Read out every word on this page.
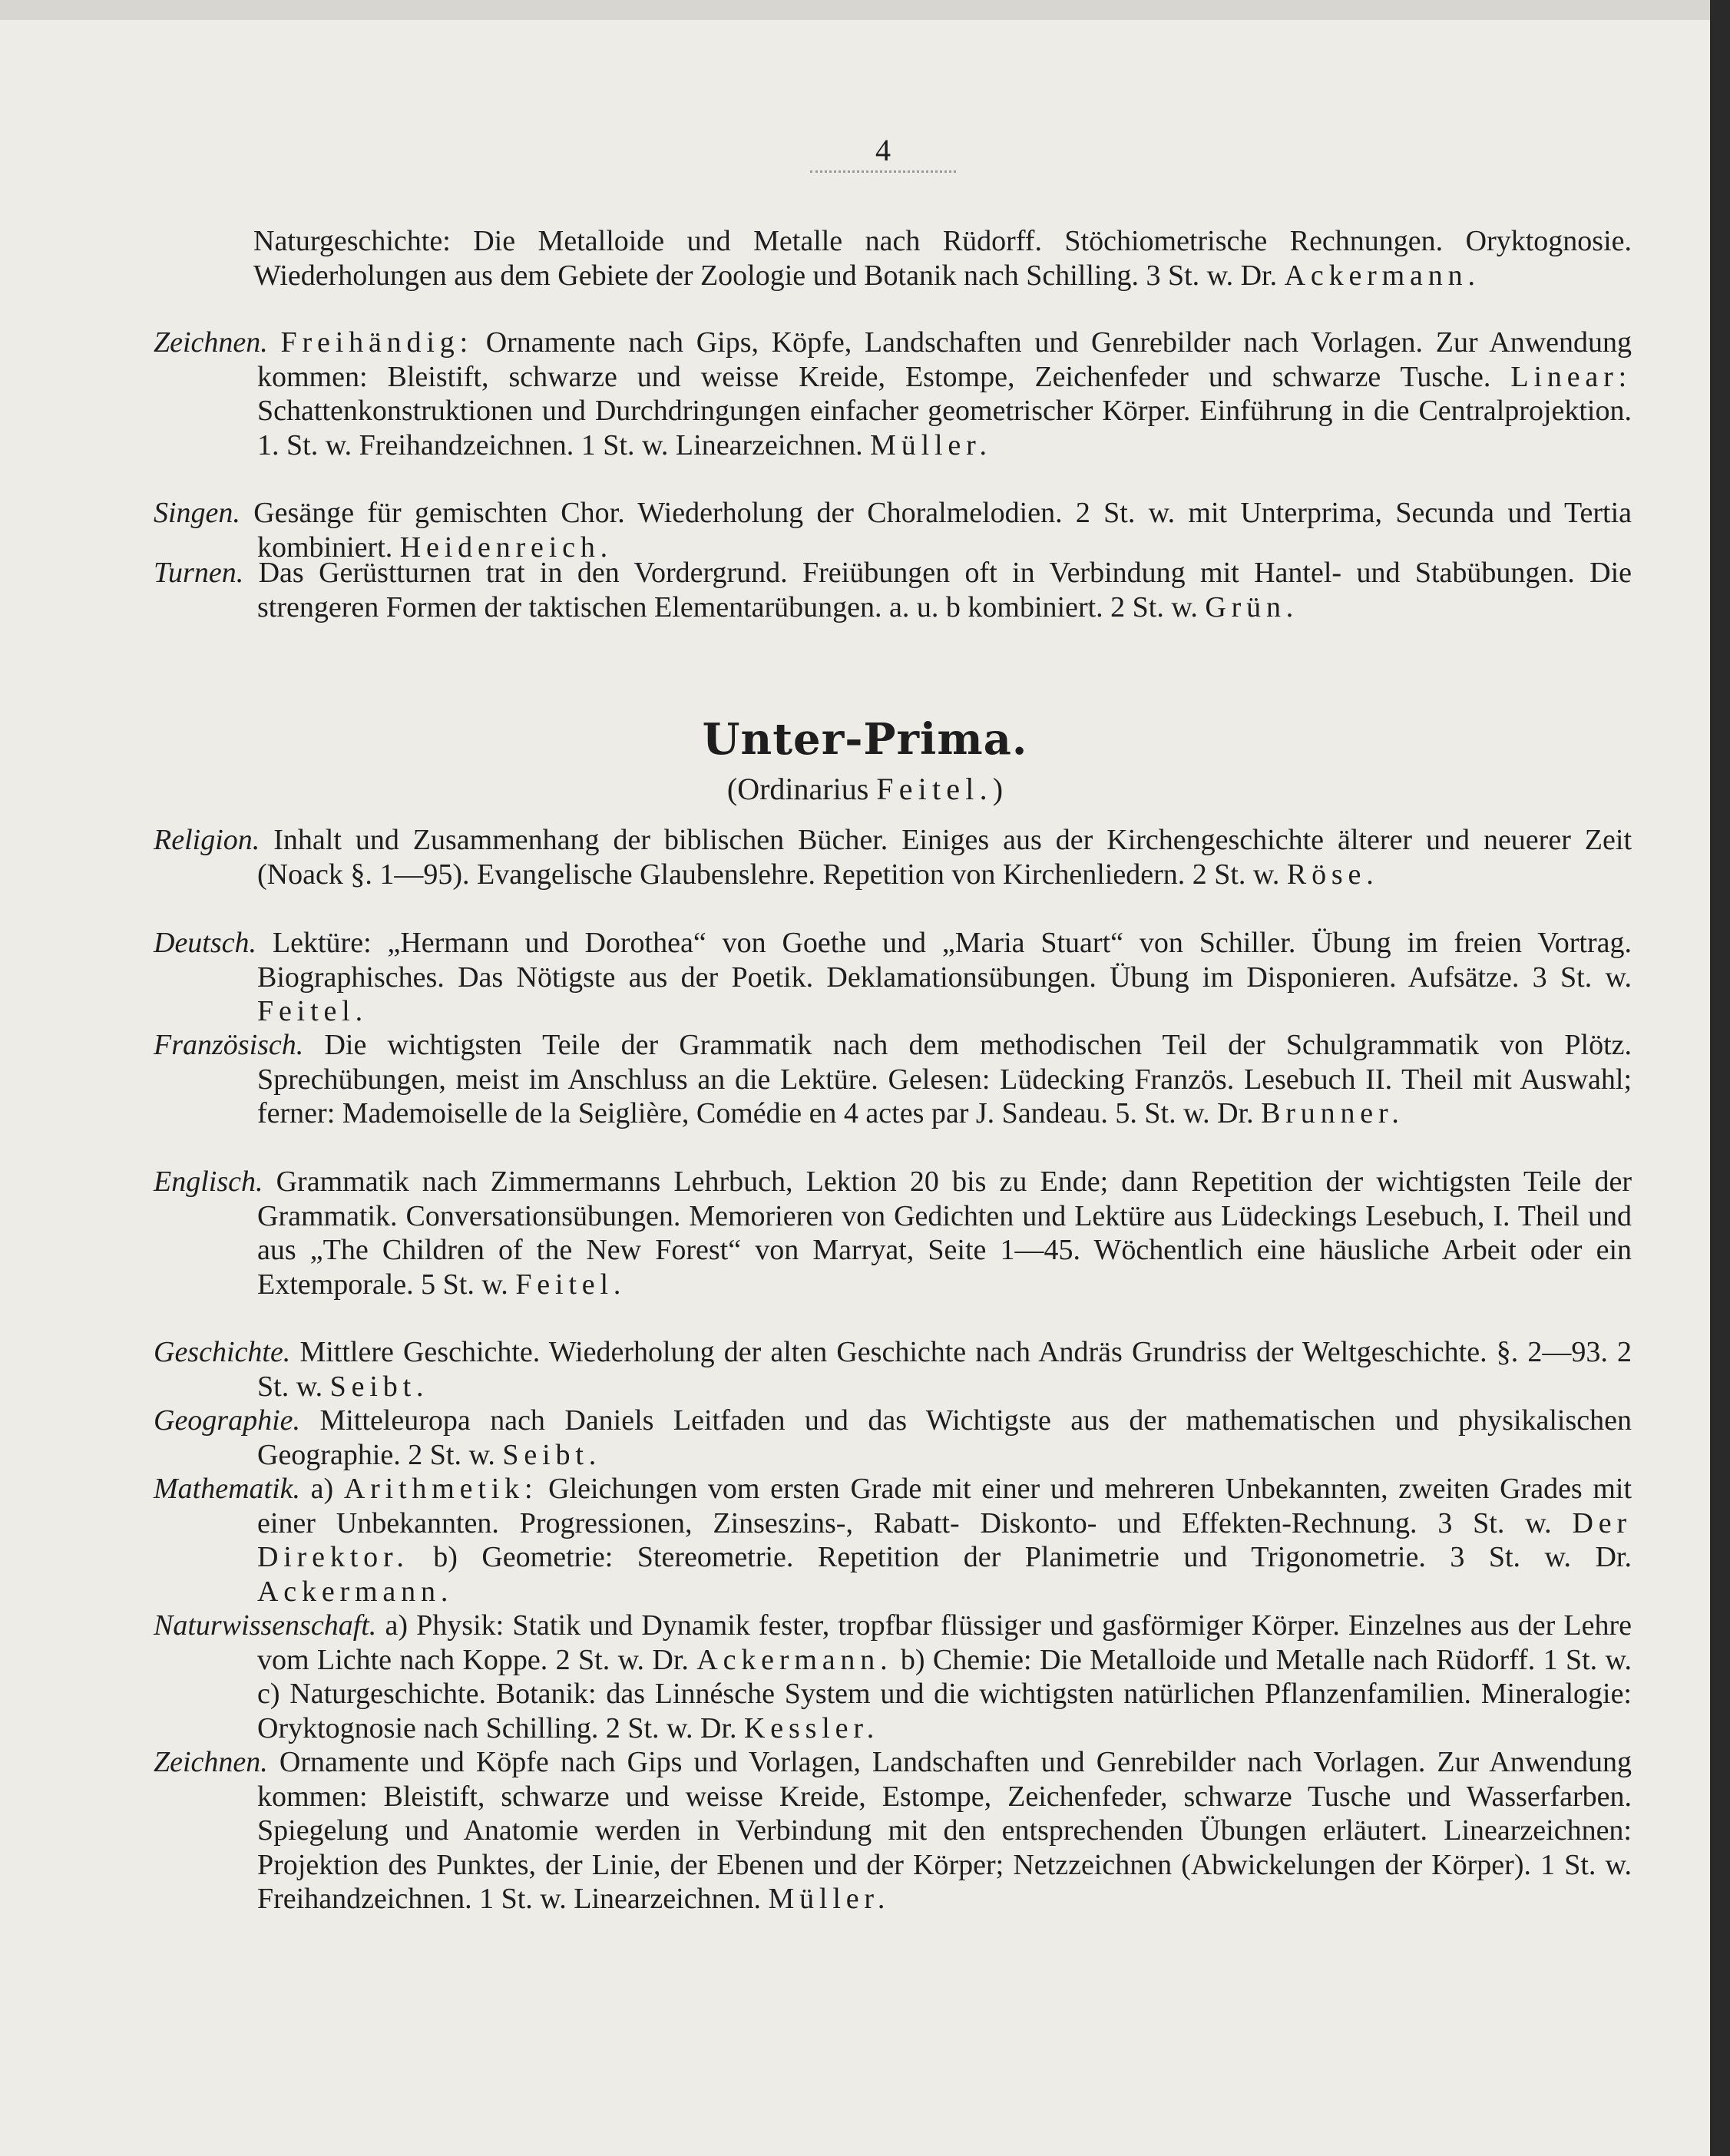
4

Naturgeschichte: Die Metalloide und Metalle nach Rüdorff. Stöchiometrische Rechnungen. Oryktognosie. Wiederholungen aus dem Gebiete der Zoologie und Botanik nach Schilling. 3 St. w. Dr. Ackermann.

Zeichnen. Freihändig: Ornamente nach Gips, Köpfe, Landschaften und Genrebilder nach Vorlagen. Zur Anwendung kommen: Bleistift, schwarze und weisse Kreide, Estompe, Zeichenfeder und schwarze Tusche. Linear: Schattenkonstruktionen und Durchdringungen einfacher geometrischer Körper. Einführung in die Centralprojektion. 1. St. w. Freihandzeichnen. 1 St. w. Linearzeichnen. Müller.

Singen. Gesänge für gemischten Chor. Wiederholung der Choralmelodien. 2 St. w. mit Unterprima, Secunda und Tertia kombiniert. Heidenreich.

Turnen. Das Gerüstturnen trat in den Vordergrund. Freiübungen oft in Verbindung mit Hantel- und Stabübungen. Die strengeren Formen der taktischen Elementarübungen. a. u. b kombiniert. 2 St. w. Grün.

Unter-Prima.
(Ordinarius Feitel.)

Religion. Inhalt und Zusammenhang der biblischen Bücher. Einiges aus der Kirchengeschichte älterer und neuerer Zeit (Noack §. 1—95). Evangelische Glaubenslehre. Repetition von Kirchenliedern. 2 St. w. Röse.

Deutsch. Lektüre: „Hermann und Dorothea“ von Goethe und „Maria Stuart“ von Schiller. Übung im freien Vortrag. Biographisches. Das Nötigste aus der Poetik. Deklamationsübungen. Übung im Disponieren. Aufsätze. 3 St. w. Feitel.

Französisch. Die wichtigsten Teile der Grammatik nach dem methodischen Teil der Schulgrammatik von Plötz. Sprechübungen, meist im Anschluss an die Lektüre. Gelesen: Lüdecking Französ. Lesebuch II. Theil mit Auswahl; ferner: Mademoiselle de la Seiglière, Comédie en 4 actes par J. Sandeau. 5. St. w. Dr. Brunner.

Englisch. Grammatik nach Zimmermanns Lehrbuch, Lektion 20 bis zu Ende; dann Repetition der wichtigsten Teile der Grammatik. Conversationsübungen. Memorieren von Gedichten und Lektüre aus Lüdeckings Lesebuch, I. Theil und aus „The Children of the New Forest“ von Marryat, Seite 1—45. Wöchentlich eine häusliche Arbeit oder ein Extemporale. 5 St. w. Feitel.

Geschichte. Mittlere Geschichte. Wiederholung der alten Geschichte nach Andräs Grundriss der Weltgeschichte. §. 2—93. 2 St. w. Seibt.

Geographie. Mitteleuropa nach Daniels Leitfaden und das Wichtigste aus der mathematischen und physikalischen Geographie. 2 St. w. Seibt.

Mathematik. a) Arithmetik: Gleichungen vom ersten Grade mit einer und mehreren Unbekannten, zweiten Grades mit einer Unbekannten. Progressionen, Zinseszins-, Rabatt- Diskonto- und Effekten-Rechnung. 3 St. w. Der Direktor. b) Geometrie: Stereometrie. Repetition der Planimetrie und Trigonometrie. 3 St. w. Dr. Ackermann.

Naturwissenschaft. a) Physik: Statik und Dynamik fester, tropfbar flüssiger und gasförmiger Körper. Einzelnes aus der Lehre vom Lichte nach Koppe. 2 St. w. Dr. Ackermann. b) Chemie: Die Metalloide und Metalle nach Rüdorff. 1 St. w. c) Naturgeschichte. Botanik: das Linnésche System und die wichtigsten natürlichen Pflanzenfamilien. Mineralogie: Oryktognosie nach Schilling. 2 St. w. Dr. Kessler.

Zeichnen. Ornamente und Köpfe nach Gips und Vorlagen, Landschaften und Genrebilder nach Vorlagen. Zur Anwendung kommen: Bleistift, schwarze und weisse Kreide, Estompe, Zeichenfeder, schwarze Tusche und Wasserfarben. Spiegelung und Anatomie werden in Verbindung mit den entsprechenden Übungen erläutert. Linearzeichnen: Projektion des Punktes, der Linie, der Ebenen und der Körper; Netzzeichnen (Abwickelungen der Körper). 1 St. w. Freihandzeichnen. 1 St. w. Linearzeichnen. Müller.
